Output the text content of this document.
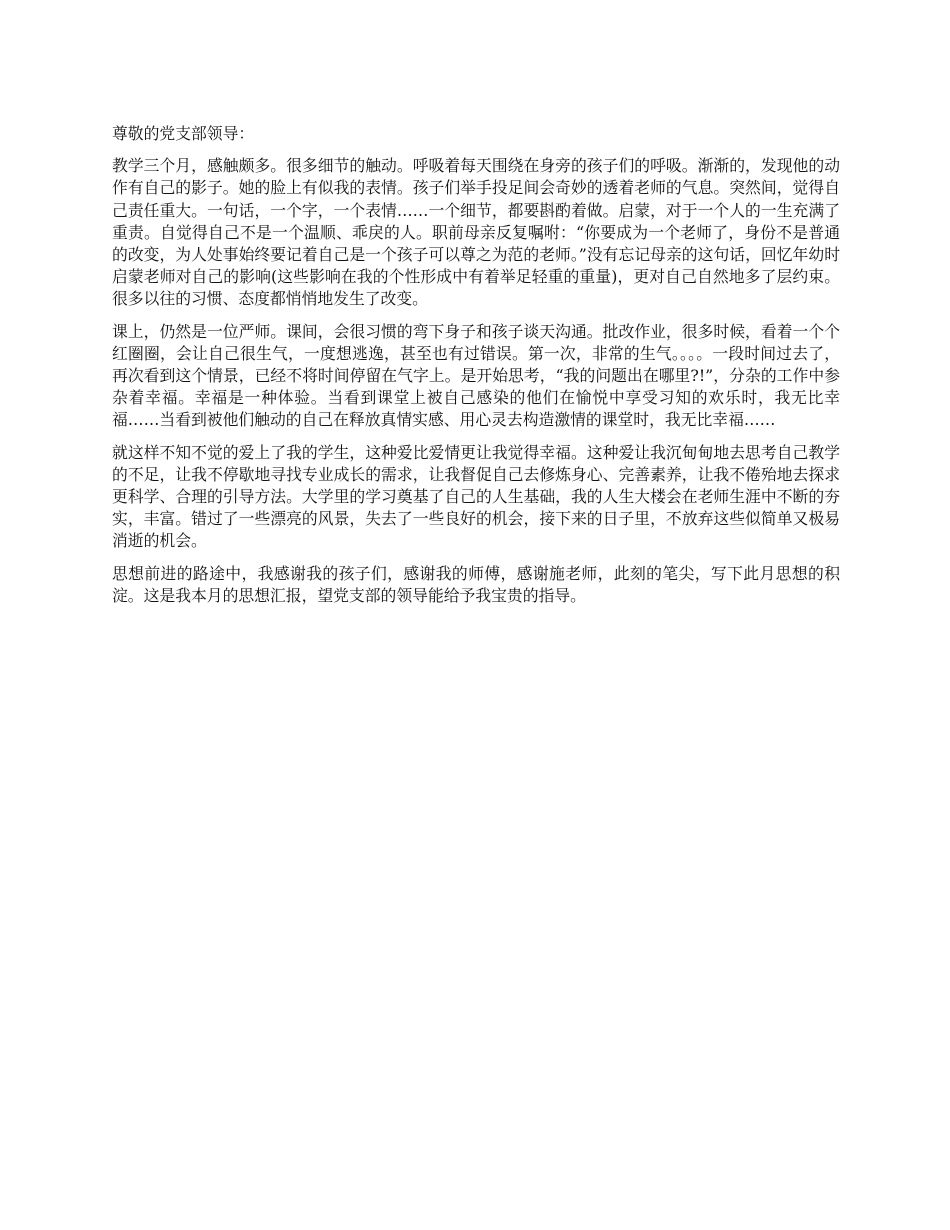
尊敬的党支部领导：

教学三个月，感触颇多。很多细节的触动。呼吸着每天围绕在身旁的孩子们的呼吸。渐渐的，发现他的动作有自己的影子。她的脸上有似我的表情。孩子们举手投足间会奇妙的透着老师的气息。突然间，觉得自己责任重大。一句话，一个字，一个表情……一个细节，都要斟酌着做。启蒙，对于一个人的一生充满了重责。自觉得自己不是一个温顺、乖戾的人。职前母亲反复嘱咐：“你要成为一个老师了，身份不是普通的改变，为人处事始终要记着自己是一个孩子可以尊之为范的老师。”没有忘记母亲的这句话，回忆年幼时启蒙老师对自己的影响(这些影响在我的个性形成中有着举足轻重的重量)，更对自己自然地多了层约束。很多以往的习惯、态度都悄悄地发生了改变。

课上，仍然是一位严师。课间，会很习惯的弯下身子和孩子谈天沟通。批改作业，很多时候，看着一个个红圈圈，会让自己很生气，一度想逃逸，甚至也有过错误。第一次，非常的生气。。。。一段时间过去了，再次看到这个情景，已经不将时间停留在气字上。是开始思考，“我的问题出在哪里?!”，分杂的工作中参杂着幸福。幸福是一种体验。当看到课堂上被自己感染的他们在愉悦中享受习知的欢乐时，我无比幸福……当看到被他们触动的自己在释放真情实感、用心灵去构造激情的课堂时，我无比幸福……

就这样不知不觉的爱上了我的学生，这种爱比爱情更让我觉得幸福。这种爱让我沉甸甸地去思考自己教学的不足，让我不停歇地寻找专业成长的需求，让我督促自己去修炼身心、完善素养，让我不倦殆地去探求更科学、合理的引导方法。大学里的学习奠基了自己的人生基础，我的人生大楼会在老师生涯中不断的夯实，丰富。错过了一些漂亮的风景，失去了一些良好的机会，接下来的日子里，不放弃这些似简单又极易消逝的机会。

思想前进的路途中，我感谢我的孩子们，感谢我的师傅，感谢施老师，此刻的笔尖，写下此月思想的积淀。这是我本月的思想汇报，望党支部的领导能给予我宝贵的指导。
